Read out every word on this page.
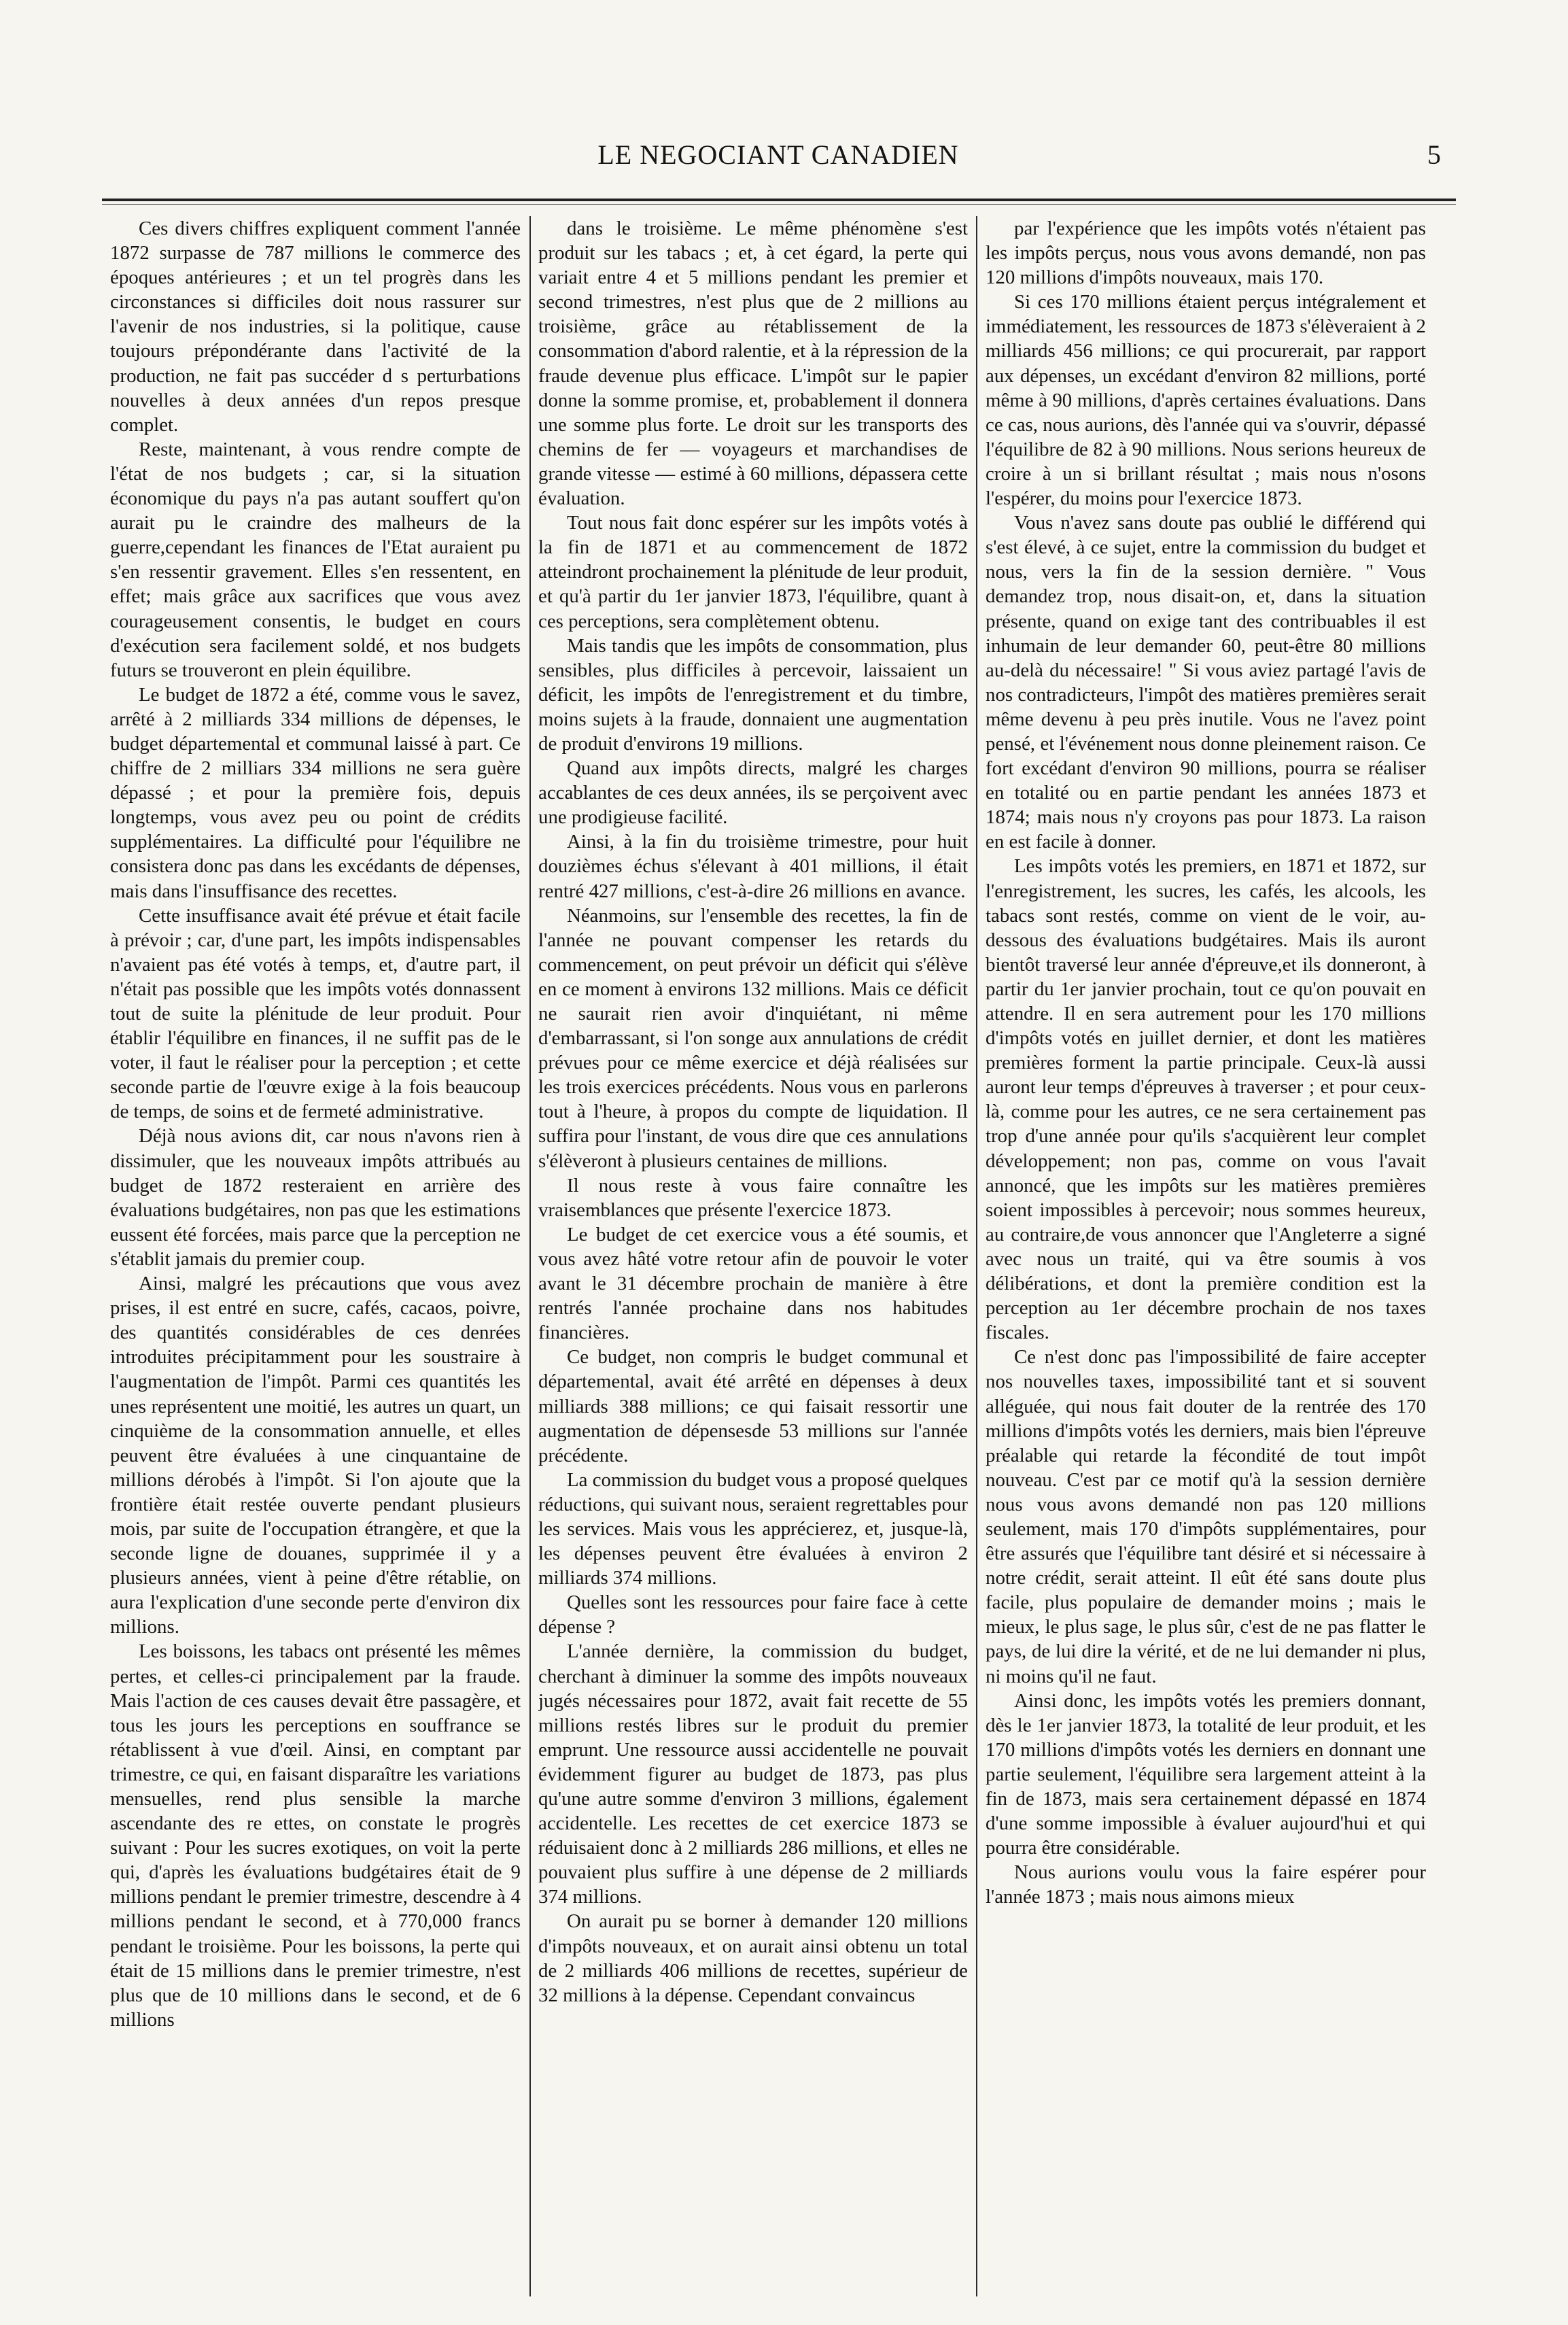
LE NEGOCIANT CANADIEN	5

Ces divers chiffres expliquent comment l'année 1872 surpasse de 787 millions le commerce des époques antérieures ; et un tel progrès dans les circonstances si difficiles doit nous rassurer sur l'avenir de nos industries, si la politique, cause toujours prépondérante dans l'activité de la production, ne fait pas succéder d s perturbations nouvelles à deux années d'un repos presque complet.

Reste, maintenant, à vous rendre compte de l'état de nos budgets ; car, si la situation économique du pays n'a pas autant souffert qu'on aurait pu le craindre des malheurs de la guerre,cependant les finances de l'Etat auraient pu s'en ressentir gravement. Elles s'en ressentent, en effet; mais grâce aux sacrifices que vous avez courageusement consentis, le budget en cours d'exécution sera facilement soldé, et nos budgets futurs se trouveront en plein équilibre.

Le budget de 1872 a été, comme vous le savez, arrêté à 2 milliards 334 millions de dépenses, le budget départemental et communal laissé à part. Ce chiffre de 2 milliars 334 millions ne sera guère dépassé ; et pour la première fois, depuis longtemps, vous avez peu ou point de crédits supplémentaires. La difficulté pour l'équilibre ne consistera donc pas dans les excédants de dépenses, mais dans l'insuffisance des recettes.

Cette insuffisance avait été prévue et était facile à prévoir ; car, d'une part, les impôts indispensables n'avaient pas été votés à temps, et, d'autre part, il n'était pas possible que les impôts votés donnassent tout de suite la plénitude de leur produit. Pour établir l'équilibre en finances, il ne suffit pas de le voter, il faut le réaliser pour la perception ; et cette seconde partie de l'œuvre exige à la fois beaucoup de temps, de soins et de fermeté administrative.

Déjà nous avions dit, car nous n'avons rien à dissimuler, que les nouveaux impôts attribués au budget de 1872 resteraient en arrière des évaluations budgétaires, non pas que les estimations eussent été forcées, mais parce que la perception ne s'établit jamais du premier coup.

Ainsi, malgré les précautions que vous avez prises, il est entré en sucre, cafés, cacaos, poivre, des quantités considérables de ces denrées introduites précipitamment pour les soustraire à l'augmentation de l'impôt. Parmi ces quantités les unes représentent une moitié, les autres un quart, un cinquième de la consommation annuelle, et elles peuvent être évaluées à une cinquantaine de millions dérobés à l'impôt. Si l'on ajoute que la frontière était restée ouverte pendant plusieurs mois, par suite de l'occupation étrangère, et que la seconde ligne de douanes, supprimée il y a plusieurs années, vient à peine d'être rétablie, on aura l'explication d'une seconde perte d'environ dix millions.

Les boissons, les tabacs ont présenté les mêmes pertes, et celles-ci principalement par la fraude. Mais l'action de ces causes devait être passagère, et tous les jours les perceptions en souffrance se rétablissent à vue d'œil. Ainsi, en comptant par trimestre, ce qui, en faisant disparaître les variations mensuelles, rend plus sensible la marche ascendante des re ettes, on constate le progrès suivant : Pour les sucres exotiques, on voit la perte qui, d'après les évaluations budgétaires était de 9 millions pendant le premier trimestre, descendre à 4 millions pendant le second, et à 770,000 francs pendant le troisième. Pour les boissons, la perte qui était de 15 millions dans le premier trimestre, n'est plus que de 10 millions dans le second, et de 6 millions

dans le troisième. Le même phénomène s'est produit sur les tabacs ; et, à cet égard, la perte qui variait entre 4 et 5 millions pendant les premier et second trimestres, n'est plus que de 2 millions au troisième, grâce au rétablissement de la consommation d'abord ralentie, et à la répression de la fraude devenue plus efficace. L'impôt sur le papier donne la somme promise, et, probablement il donnera une somme plus forte. Le droit sur les transports des chemins de fer — voyageurs et marchandises de grande vitesse — estimé à 60 millions, dépassera cette évaluation.

Tout nous fait donc espérer sur les impôts votés à la fin de 1871 et au commencement de 1872 atteindront prochainement la plénitude de leur produit, et qu'à partir du 1er janvier 1873, l'équilibre, quant à ces perceptions, sera complètement obtenu.

Mais tandis que les impôts de consommation, plus sensibles, plus difficiles à percevoir, laissaient un déficit, les impôts de l'enregistrement et du timbre, moins sujets à la fraude, donnaient une augmentation de produit d'environs 19 millions.

Quand aux impôts directs, malgré les charges accablantes de ces deux années, ils se perçoivent avec une prodigieuse facilité.

Ainsi, à la fin du troisième trimestre, pour huit douzièmes échus s'élevant à 401 millions, il était rentré 427 millions, c'est-à-dire 26 millions en avance.

Néanmoins, sur l'ensemble des recettes, la fin de l'année ne pouvant compenser les retards du commencement, on peut prévoir un déficit qui s'élève en ce moment à environs 132 millions. Mais ce déficit ne saurait rien avoir d'inquiétant, ni même d'embarrassant, si l'on songe aux annulations de crédit prévues pour ce même exercice et déjà réalisées sur les trois exercices précédents. Nous vous en parlerons tout à l'heure, à propos du compte de liquidation. Il suffira pour l'instant, de vous dire que ces annulations s'élèveront à plusieurs centaines de millions.

Il nous reste à vous faire connaître les vraisemblances que présente l'exercice 1873.

Le budget de cet exercice vous a été soumis, et vous avez hâté votre retour afin de pouvoir le voter avant le 31 décembre prochain de manière à être rentrés l'année prochaine dans nos habitudes financières.

Ce budget, non compris le budget communal et départemental, avait été arrêté en dépenses à deux milliards 388 millions; ce qui faisait ressortir une augmentation de dépensesde 53 millions sur l'année précédente.

La commission du budget vous a proposé quelques réductions, qui suivant nous, seraient regrettables pour les services. Mais vous les apprécierez, et, jusque-là, les dépenses peuvent être évaluées à environ 2 milliards 374 millions.

Quelles sont les ressources pour faire face à cette dépense ?

L'année dernière, la commission du budget, cherchant à diminuer la somme des impôts nouveaux jugés nécessaires pour 1872, avait fait recette de 55 millions restés libres sur le produit du premier emprunt. Une ressource aussi accidentelle ne pouvait évidemment figurer au budget de 1873, pas plus qu'une autre somme d'environ 3 millions, également accidentelle. Les recettes de cet exercice 1873 se réduisaient donc à 2 milliards 286 millions, et elles ne pouvaient plus suffire à une dépense de 2 milliards 374 millions.

On aurait pu se borner à demander 120 millions d'impôts nouveaux, et on aurait ainsi obtenu un total de 2 milliards 406 millions de recettes, supérieur de 32 millions à la dépense. Cependant convaincus

par l'expérience que les impôts votés n'étaient pas les impôts perçus, nous vous avons demandé, non pas 120 millions d'impôts nouveaux, mais 170.

Si ces 170 millions étaient perçus intégralement et immédiatement, les ressources de 1873 s'élèveraient à 2 milliards 456 millions; ce qui procurerait, par rapport aux dépenses, un excédant d'environ 82 millions, porté même à 90 millions, d'après certaines évaluations. Dans ce cas, nous aurions, dès l'année qui va s'ouvrir, dépassé l'équilibre de 82 à 90 millions. Nous serions heureux de croire à un si brillant résultat ; mais nous n'osons l'espérer, du moins pour l'exercice 1873.

Vous n'avez sans doute pas oublié le différend qui s'est élevé, à ce sujet, entre la commission du budget et nous, vers la fin de la session dernière. " Vous demandez trop, nous disait-on, et, dans la situation présente, quand on exige tant des contribuables il est inhumain de leur demander 60, peut-être 80 millions au-delà du nécessaire! " Si vous aviez partagé l'avis de nos contradicteurs, l'impôt des matières premières serait même devenu à peu près inutile. Vous ne l'avez point pensé, et l'événement nous donne pleinement raison. Ce fort excédant d'environ 90 millions, pourra se réaliser en totalité ou en partie pendant les années 1873 et 1874; mais nous n'y croyons pas pour 1873. La raison en est facile à donner.

Les impôts votés les premiers, en 1871 et 1872, sur l'enregistrement, les sucres, les cafés, les alcools, les tabacs sont restés, comme on vient de le voir, au-dessous des évaluations budgétaires. Mais ils auront bientôt traversé leur année d'épreuve,et ils donneront, à partir du 1er janvier prochain, tout ce qu'on pouvait en attendre. Il en sera autrement pour les 170 millions d'impôts votés en juillet dernier, et dont les matières premières forment la partie principale. Ceux-là aussi auront leur temps d'épreuves à traverser ; et pour ceux-là, comme pour les autres, ce ne sera certainement pas trop d'une année pour qu'ils s'acquièrent leur complet développement; non pas, comme on vous l'avait annoncé, que les impôts sur les matières premières soient impossibles à percevoir; nous sommes heureux, au contraire,de vous annoncer que l'Angleterre a signé avec nous un traité, qui va être soumis à vos délibérations, et dont la première condition est la perception au 1er décembre prochain de nos taxes fiscales.

Ce n'est donc pas l'impossibilité de faire accepter nos nouvelles taxes, impossibilité tant et si souvent alléguée, qui nous fait douter de la rentrée des 170 millions d'impôts votés les derniers, mais bien l'épreuve préalable qui retarde la fécondité de tout impôt nouveau. C'est par ce motif qu'à la session dernière nous vous avons demandé non pas 120 millions seulement, mais 170 d'impôts supplémentaires, pour être assurés que l'équilibre tant désiré et si nécessaire à notre crédit, serait atteint. Il eût été sans doute plus facile, plus populaire de demander moins ; mais le mieux, le plus sage, le plus sûr, c'est de ne pas flatter le pays, de lui dire la vérité, et de ne lui demander ni plus, ni moins qu'il ne faut.

Ainsi donc, les impôts votés les premiers donnant, dès le 1er janvier 1873, la totalité de leur produit, et les 170 millions d'impôts votés les derniers en donnant une partie seulement, l'équilibre sera largement atteint à la fin de 1873, mais sera certainement dépassé en 1874 d'une somme impossible à évaluer aujourd'hui et qui pourra être considérable.

Nous aurions voulu vous la faire espérer pour l'année 1873 ; mais nous aimons mieux
